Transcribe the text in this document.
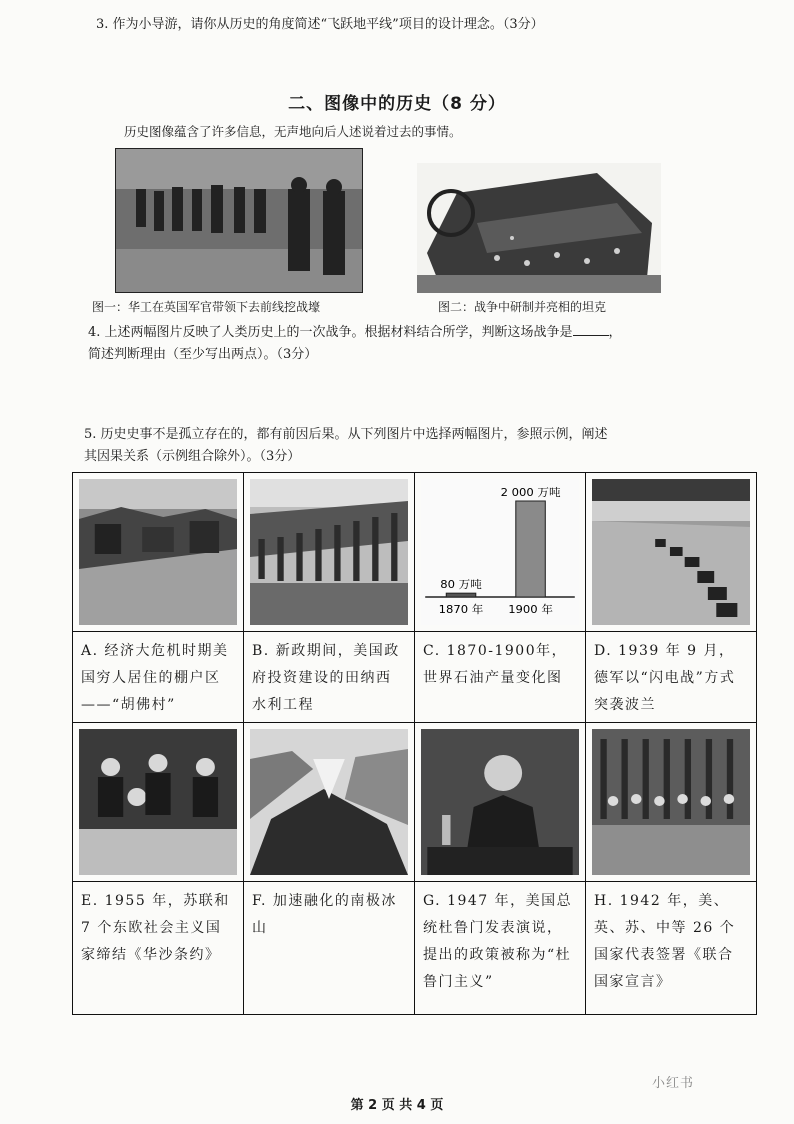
3. 作为小导游，请你从历史的角度简述“飞跃地平线”项目的设计理念。（3分）
二、图像中的历史（8 分）
历史图像蕴含了许多信息，无声地向后人述说着过去的事情。
图一：华工在英国军官带领下去前线挖战壕	图二：战争中研制并亮相的坦克
4. 上述两幅图片反映了人类历史上的一次战争。根据材料结合所学，判断这场战争是	，
简述判断理由（至少写出两点）。（3分）
5. 历史史事不是孤立存在的，都有前因后果。从下列图片中选择两幅图片，参照示例，阐述
其因果关系（示例组合除外）。（3分）

80 万吨
1870 年
2 000 万吨
1900 年

A. 经济大危机时期美国穷人居住的棚户区——“胡佛村”	B. 新政期间，美国政府投资建设的田纳西水利工程	C. 1870-1900年，世界石油产量变化图	D. 1939 年 9 月，德军以“闪电战”方式突袭波兰

E. 1955 年，苏联和 7 个东欧社会主义国家缔结《华沙条约》	F. 加速融化的南极冰山	G. 1947 年，美国总统杜鲁门发表演说，提出的政策被称为“杜鲁门主义”	H. 1942 年，美、英、苏、中等 26 个国家代表签署《联合国家宣言》
小红书
第 2 页 共 4 页
